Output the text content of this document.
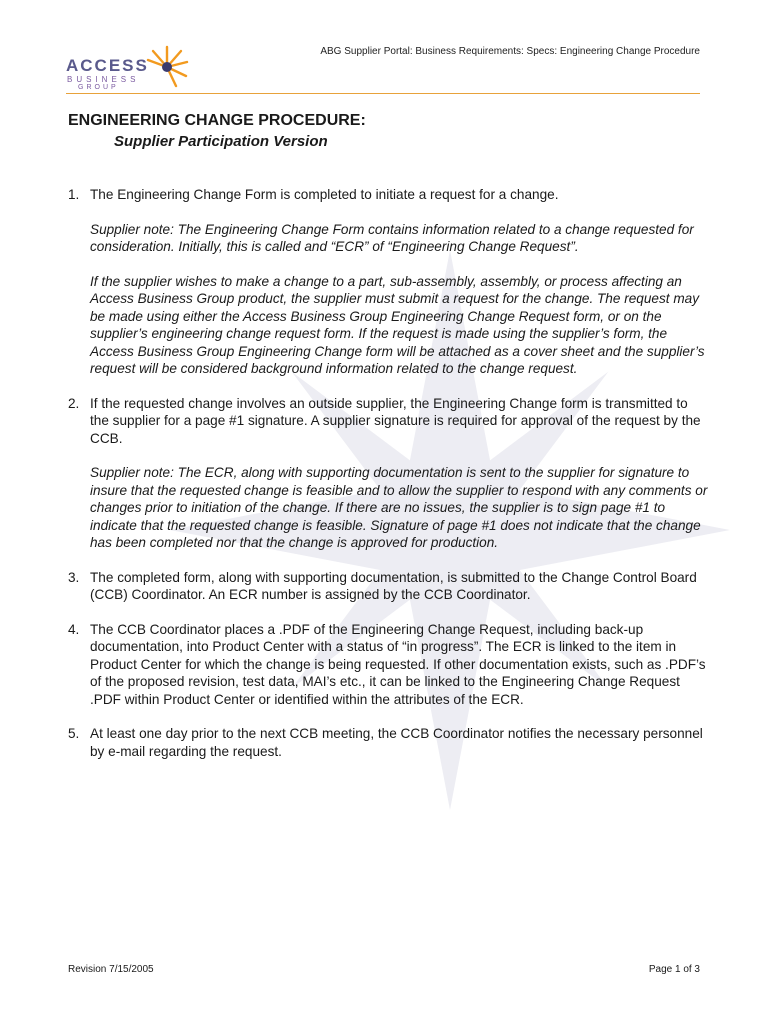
ACCESS
BUSINESS
GROUP
ABG Supplier Portal: Business Requirements: Specs: Engineering Change Procedure
ENGINEERING CHANGE PROCEDURE:
Supplier Participation Version
1. The Engineering Change Form is completed to initiate a request for a change.
Supplier note: The Engineering Change Form contains information related to a change requested for consideration. Initially, this is called and “ECR” of “Engineering Change Request”.
If the supplier wishes to make a change to a part, sub-assembly, assembly, or process affecting an Access Business Group product, the supplier must submit a request for the change. The request may be made using either the Access Business Group Engineering Change Request form, or on the supplier’s engineering change request form. If the request is made using the supplier’s form, the Access Business Group Engineering Change form will be attached as a cover sheet and the supplier’s request will be considered background information related to the change request.
2. If the requested change involves an outside supplier, the Engineering Change form is transmitted to the supplier for a page #1 signature. A supplier signature is required for approval of the request by the CCB.
Supplier note: The ECR, along with supporting documentation is sent to the supplier for signature to insure that the requested change is feasible and to allow the supplier to respond with any comments or changes prior to initiation of the change. If there are no issues, the supplier is to sign page #1 to indicate that the requested change is feasible. Signature of page #1 does not indicate that the change has been completed nor that the change is approved for production.
3. The completed form, along with supporting documentation, is submitted to the Change Control Board (CCB) Coordinator. An ECR number is assigned by the CCB Coordinator.
4. The CCB Coordinator places a .PDF of the Engineering Change Request, including back-up documentation, into Product Center with a status of “in progress”. The ECR is linked to the item in Product Center for which the change is being requested. If other documentation exists, such as .PDF’s of the proposed revision, test data, MAI’s etc., it can be linked to the Engineering Change Request .PDF within Product Center or identified within the attributes of the ECR.
5. At least one day prior to the next CCB meeting, the CCB Coordinator notifies the necessary personnel by e-mail regarding the request.
Revision 7/15/2005	Page 1 of 3
